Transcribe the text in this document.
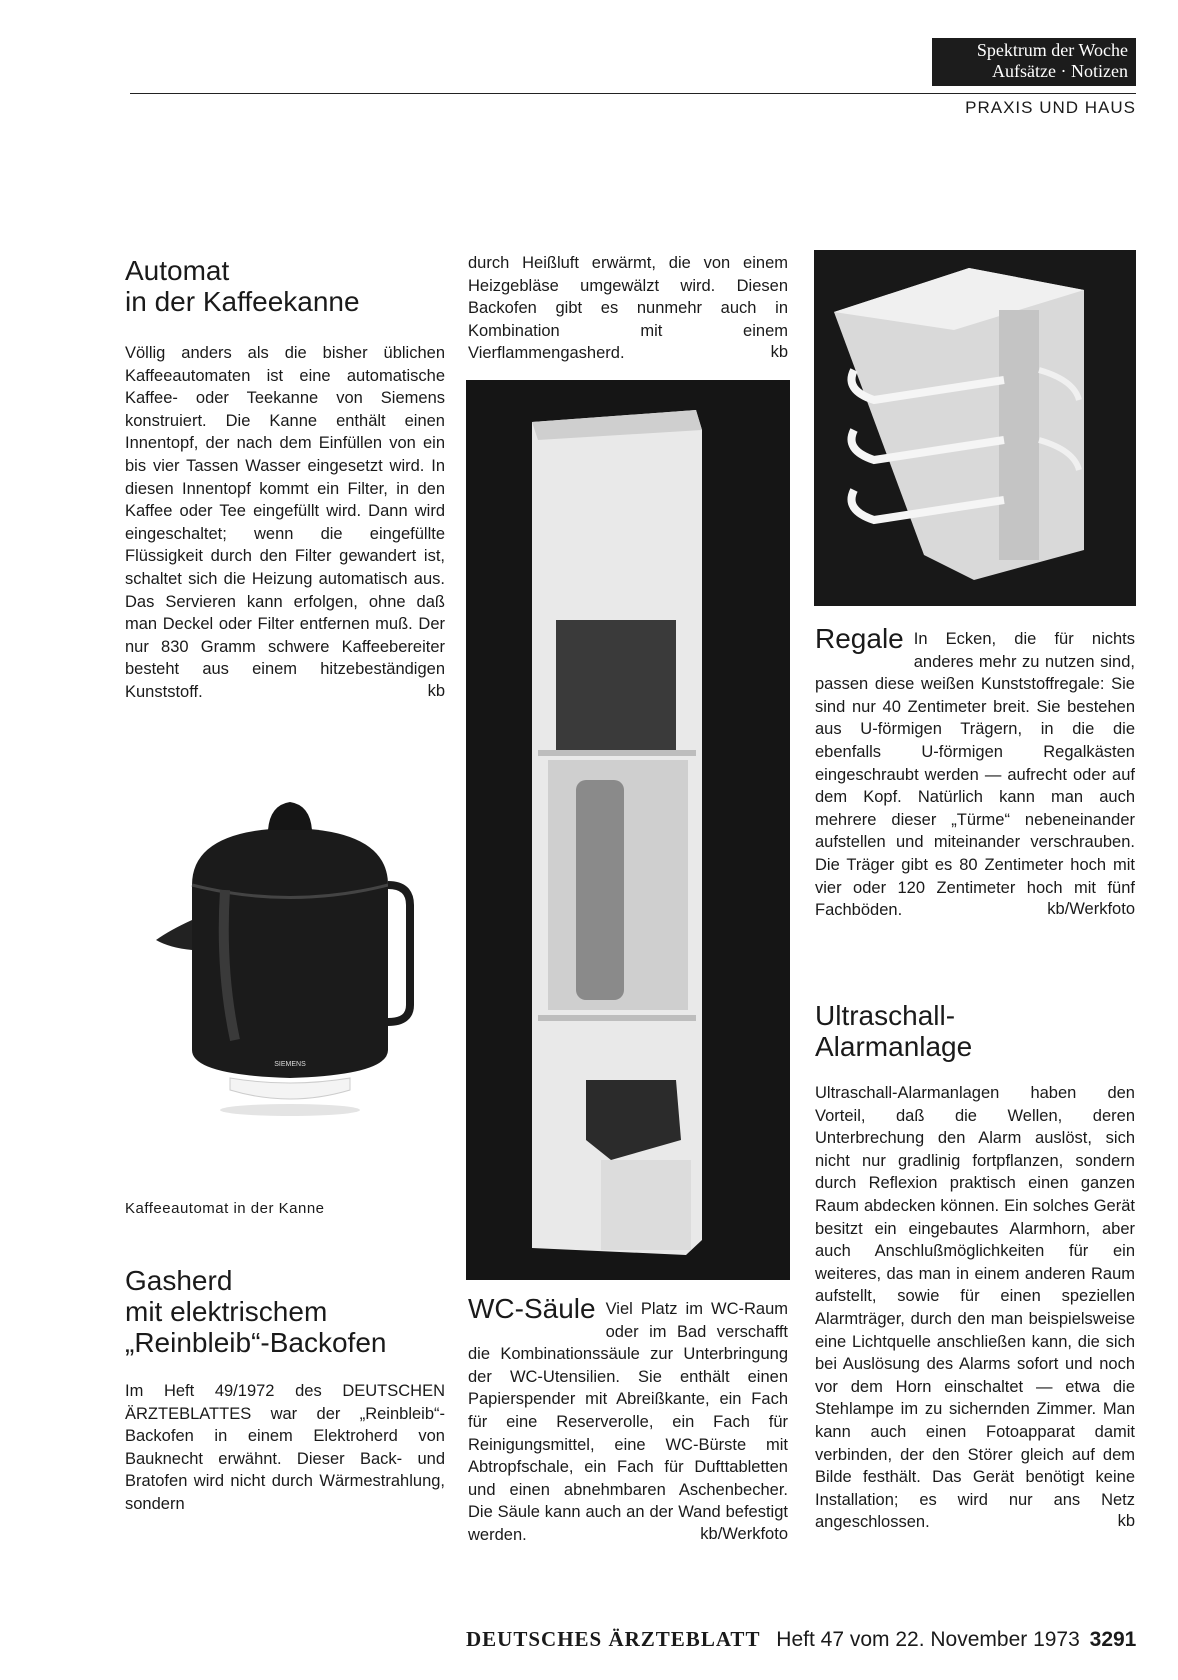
Spektrum der Woche
Aufsätze · Notizen
PRAXIS UND HAUS
Automat
in der Kaffeekanne

Völlig anders als die bisher üblichen Kaffeeautomaten ist eine automatische Kaffee- oder Teekanne von Siemens konstruiert. Die Kanne enthält einen Innentopf, der nach dem Einfüllen von ein bis vier Tassen Wasser eingesetzt wird. In diesen Innentopf kommt ein Filter, in den Kaffee oder Tee eingefüllt wird. Dann wird eingeschaltet; wenn die eingefüllte Flüssigkeit durch den Filter gewandert ist, schaltet sich die Heizung automatisch aus. Das Servieren kann erfolgen, ohne daß man Deckel oder Filter entfernen muß. Der nur 830 Gramm schwere Kaffeebereiter besteht aus einem hitzebeständigen Kunststoff.	kb
SIEMENS
Kaffeeautomat in der Kanne
Gasherd
mit elektrischem
„Reinbleib“-Backofen

Im Heft 49/1972 des DEUTSCHEN ÄRZTEBLATTES war der „Reinbleib“-Backofen in einem Elektroherd von Bauknecht erwähnt. Dieser Back- und Bratofen wird nicht durch Wärmestrahlung, sondern

durch Heißluft erwärmt, die von einem Heizgebläse umgewälzt wird. Diesen Backofen gibt es nunmehr auch in Kombination mit einem Vierflammengasherd.	kb

WC-Säule Viel Platz im WC-Raum oder im Bad verschafft die Kombinationssäule zur Unterbringung der WC-Utensilien. Sie enthält einen Papierspender mit Abreißkante, ein Fach für eine Reserverolle, ein Fach für Reinigungsmittel, eine WC-Bürste mit Abtropfschale, ein Fach für Dufttabletten und einen abnehmbaren Aschenbecher. Die Säule kann auch an der Wand befestigt werden.	kb/Werkfoto

Regale In Ecken, die für nichts anderes mehr zu nutzen sind, passen diese weißen Kunststoffregale: Sie sind nur 40 Zentimeter breit. Sie bestehen aus U-förmigen Trägern, in die die ebenfalls U-förmigen Regalkästen eingeschraubt werden — aufrecht oder auf dem Kopf. Natürlich kann man auch mehrere dieser „Türme“ nebeneinander aufstellen und miteinander verschrauben. Die Träger gibt es 80 Zentimeter hoch mit vier oder 120 Zentimeter hoch mit fünf Fachböden.	kb/Werkfoto
Ultraschall-
Alarmanlage

Ultraschall-Alarmanlagen haben den Vorteil, daß die Wellen, deren Unterbrechung den Alarm auslöst, sich nicht nur gradlinig fortpflanzen, sondern durch Reflexion praktisch einen ganzen Raum abdecken können. Ein solches Gerät besitzt ein eingebautes Alarmhorn, aber auch Anschlußmöglichkeiten für ein weiteres, das man in einem anderen Raum aufstellt, sowie für einen speziellen Alarmträger, durch den man beispielsweise eine Lichtquelle anschließen kann, die sich bei Auslösung des Alarms sofort und noch vor dem Horn einschaltet — etwa die Stehlampe im zu sichernden Zimmer. Man kann auch einen Fotoapparat damit verbinden, der den Störer gleich auf dem Bilde festhält. Das Gerät benötigt keine Installation; es wird nur ans Netz angeschlossen.	kb
DEUTSCHES ÄRZTEBLATT Heft 47 vom 22. November 1973 3291
